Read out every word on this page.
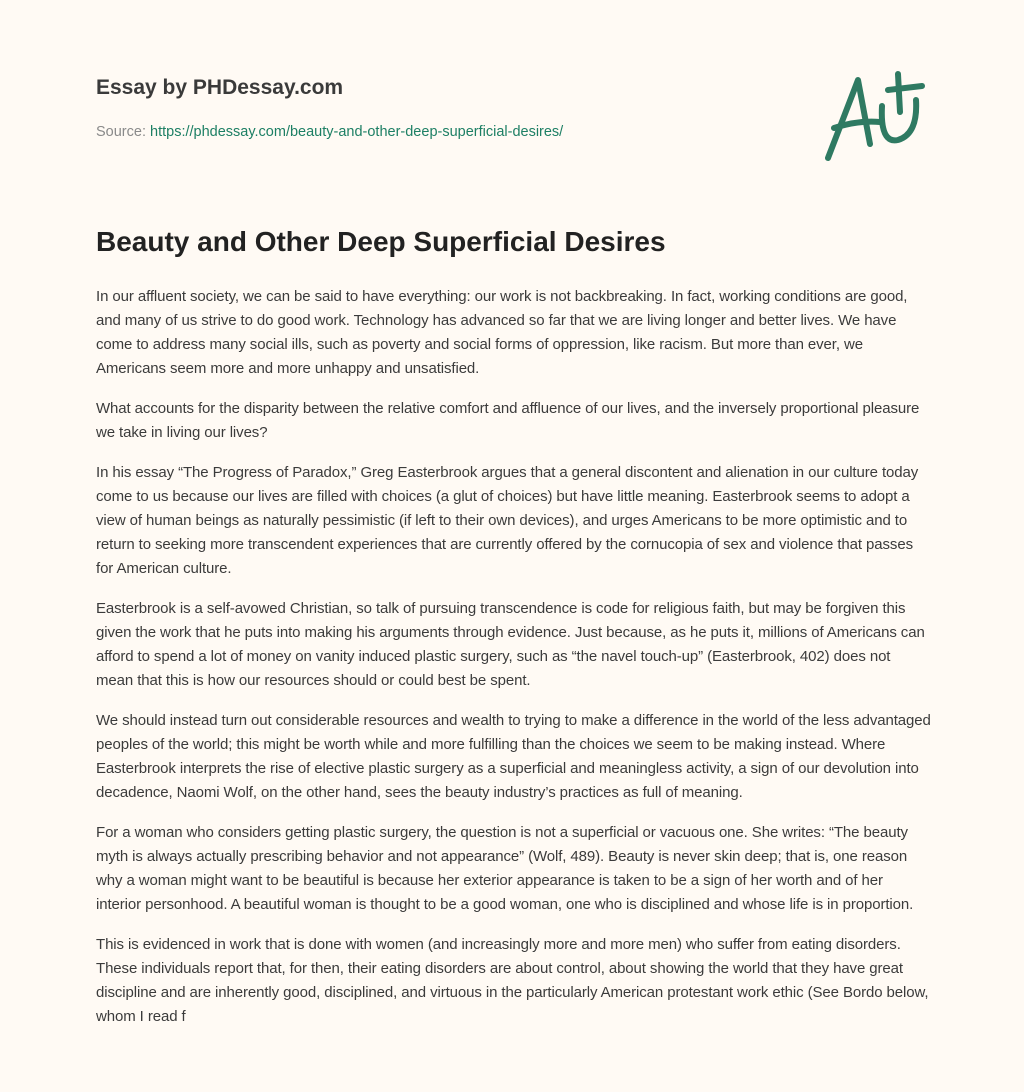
Essay by PHDessay.com
Source: https://phdessay.com/beauty-and-other-deep-superficial-desires/
Beauty and Other Deep Superficial Desires

In our affluent society, we can be said to have everything: our work is not backbreaking. In fact, working conditions are good, and many of us strive to do good work. Technology has advanced so far that we are living longer and better lives. We have come to address many social ills, such as poverty and social forms of oppression, like racism. But more than ever, we Americans seem more and more unhappy and unsatisfied.

What accounts for the disparity between the relative comfort and affluence of our lives, and the inversely proportional pleasure we take in living our lives?

In his essay “The Progress of Paradox,” Greg Easterbrook argues that a general discontent and alienation in our culture today come to us because our lives are filled with choices (a glut of choices) but have little meaning. Easterbrook seems to adopt a view of human beings as naturally pessimistic (if left to their own devices), and urges Americans to be more optimistic and to return to seeking more transcendent experiences that are currently offered by the cornucopia of sex and violence that passes for American culture.

Easterbrook is a self-avowed Christian, so talk of pursuing transcendence is code for religious faith, but may be forgiven this given the work that he puts into making his arguments through evidence. Just because, as he puts it, millions of Americans can afford to spend a lot of money on vanity induced plastic surgery, such as “the navel touch-up” (Easterbrook, 402) does not mean that this is how our resources should or could best be spent.

We should instead turn out considerable resources and wealth to trying to make a difference in the world of the less advantaged peoples of the world; this might be worth while and more fulfilling than the choices we seem to be making instead. Where Easterbrook interprets the rise of elective plastic surgery as a superficial and meaningless activity, a sign of our devolution into decadence, Naomi Wolf, on the other hand, sees the beauty industry’s practices as full of meaning.

For a woman who considers getting plastic surgery, the question is not a superficial or vacuous one. She writes: “The beauty myth is always actually prescribing behavior and not appearance” (Wolf, 489). Beauty is never skin deep; that is, one reason why a woman might want to be beautiful is because her exterior appearance is taken to be a sign of her worth and of her interior personhood. A beautiful woman is thought to be a good woman, one who is disciplined and whose life is in proportion.

This is evidenced in work that is done with women (and increasingly more and more men) who suffer from eating disorders. These individuals report that, for then, their eating disorders are about control, about showing the world that they have great discipline and are inherently good, disciplined, and virtuous in the particularly American protestant work ethic (See Bordo below, whom I read f
